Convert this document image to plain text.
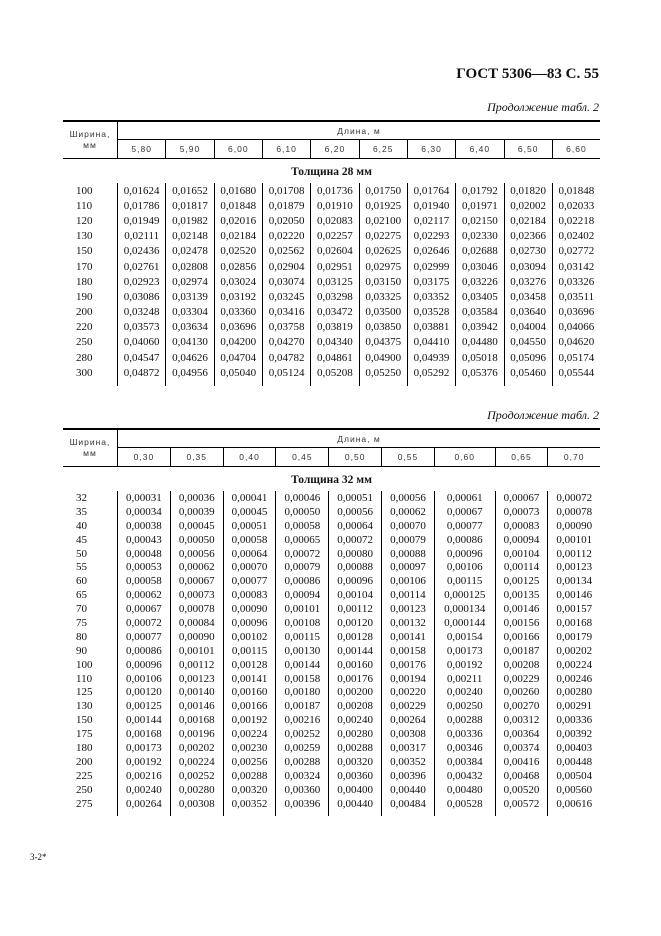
ГОСТ 5306—83 С. 55
Продолжение табл. 2
Ширина, мм	Длина, м									
	5,80	5,90	6,00	6,10	6,20	6,25	6,30	6,40	6,50	6,60
Толщина 28 мм										
100	0,01624	0,01652	0,01680	0,01708	0,01736	0,01750	0,01764	0,01792	0,01820	0,01848
110	0,01786	0,01817	0,01848	0,01879	0,01910	0,01925	0,01940	0,01971	0,02002	0,02033
120	0,01949	0,01982	0,02016	0,02050	0,02083	0,02100	0,02117	0,02150	0,02184	0,02218
130	0,02111	0,02148	0,02184	0,02220	0,02257	0,02275	0,02293	0,02330	0,02366	0,02402
150	0,02436	0,02478	0,02520	0,02562	0,02604	0,02625	0,02646	0,02688	0,02730	0,02772
170	0,02761	0,02808	0,02856	0,02904	0,02951	0,02975	0,02999	0,03046	0,03094	0,03142
180	0,02923	0,02974	0,03024	0,03074	0,03125	0,03150	0,03175	0,03226	0,03276	0,03326
190	0,03086	0,03139	0,03192	0,03245	0,03298	0,03325	0,03352	0,03405	0,03458	0,03511
200	0,03248	0,03304	0,03360	0,03416	0,03472	0,03500	0,03528	0,03584	0,03640	0,03696
220	0,03573	0,03634	0,03696	0,03758	0,03819	0,03850	0,03881	0,03942	0,04004	0,04066
250	0,04060	0,04130	0,04200	0,04270	0,04340	0,04375	0,04410	0,04480	0,04550	0,04620
280	0,04547	0,04626	0,04704	0,04782	0,04861	0,04900	0,04939	0,05018	0,05096	0,05174
300	0,04872	0,04956	0,05040	0,05124	0,05208	0,05250	0,05292	0,05376	0,05460	0,05544
Продолжение табл. 2
Ширина, мм	Длина, м								
	0,30	0,35	0,40	0,45	0,50	0,55	0,60	0,65	0,70
Толщина 32 мм									
32	0,00031	0,00036	0,00041	0,00046	0,00051	0,00056	0,00061	0,00067	0,00072
35	0,00034	0,00039	0,00045	0,00050	0,00056	0,00062	0,00067	0,00073	0,00078
40	0,00038	0,00045	0,00051	0,00058	0,00064	0,00070	0,00077	0,00083	0,00090
45	0,00043	0,00050	0,00058	0,00065	0,00072	0,00079	0,00086	0,00094	0,00101
50	0,00048	0,00056	0,00064	0,00072	0,00080	0,00088	0,00096	0,00104	0,00112
55	0,00053	0,00062	0,00070	0,00079	0,00088	0,00097	0,00106	0,00114	0,00123
60	0,00058	0,00067	0,00077	0,00086	0,00096	0,00106	0,00115	0,00125	0,00134
65	0,00062	0,00073	0,00083	0,00094	0,00104	0,00114	0,000125	0,00135	0,00146
70	0,00067	0,00078	0,00090	0,00101	0,00112	0,00123	0,000134	0,00146	0,00157
75	0,00072	0,00084	0,00096	0,00108	0,00120	0,00132	0,000144	0,00156	0,00168
80	0,00077	0,00090	0,00102	0,00115	0,00128	0,00141	0,00154	0,00166	0,00179
90	0,00086	0,00101	0,00115	0,00130	0,00144	0,00158	0,00173	0,00187	0,00202
100	0,00096	0,00112	0,00128	0,00144	0,00160	0,00176	0,00192	0,00208	0,00224
110	0,00106	0,00123	0,00141	0,00158	0,00176	0,00194	0,00211	0,00229	0,00246
125	0,00120	0,00140	0,00160	0,00180	0,00200	0,00220	0,00240	0,00260	0,00280
130	0,00125	0,00146	0,00166	0,00187	0,00208	0,00229	0,00250	0,00270	0,00291
150	0,00144	0,00168	0,00192	0,00216	0,00240	0,00264	0,00288	0,00312	0,00336
175	0,00168	0,00196	0,00224	0,00252	0,00280	0,00308	0,00336	0,00364	0,00392
180	0,00173	0,00202	0,00230	0,00259	0,00288	0,00317	0,00346	0,00374	0,00403
200	0,00192	0,00224	0,00256	0,00288	0,00320	0,00352	0,00384	0,00416	0,00448
225	0,00216	0,00252	0,00288	0,00324	0,00360	0,00396	0,00432	0,00468	0,00504
250	0,00240	0,00280	0,00320	0,00360	0,00400	0,00440	0,00480	0,00520	0,00560
275	0,00264	0,00308	0,00352	0,00396	0,00440	0,00484	0,00528	0,00572	0,00616
3-2*
